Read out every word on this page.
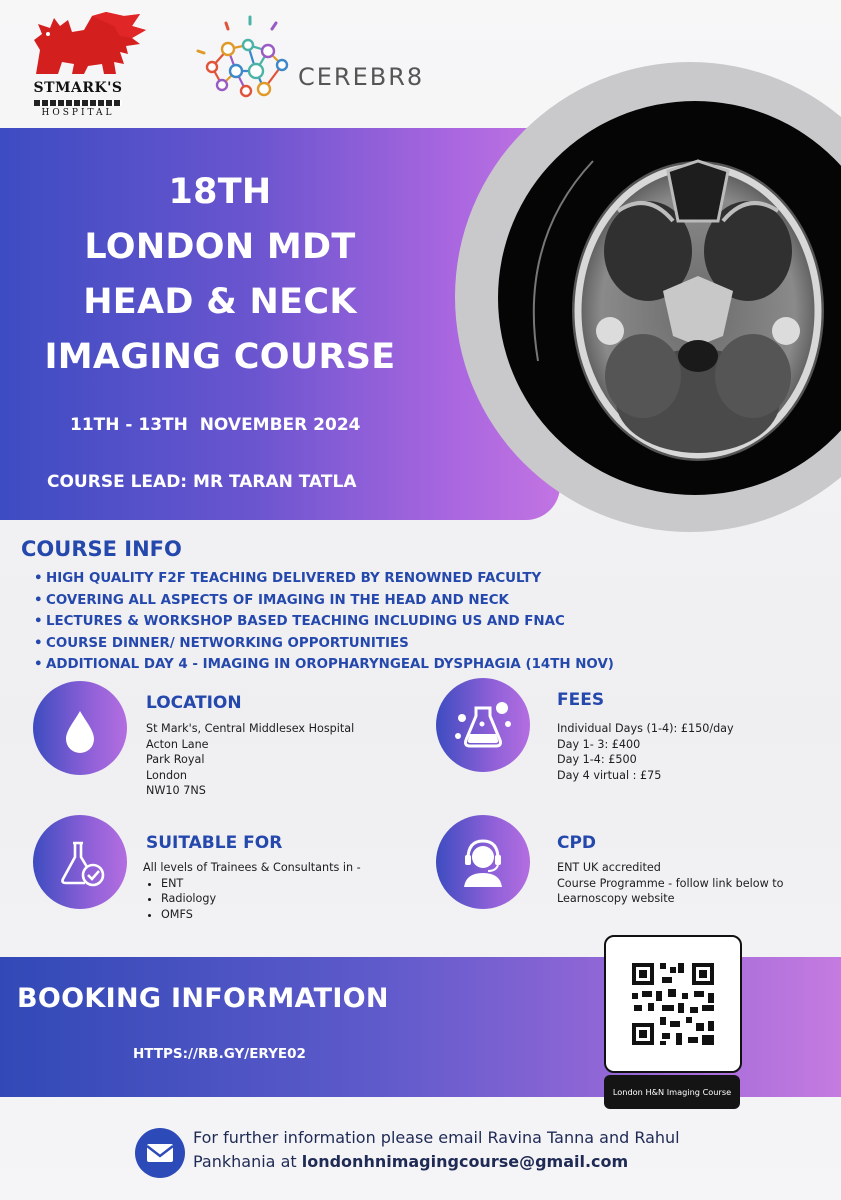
STMARK'S
HOSPITAL
CEREBR8
18TH
LONDON MDT
HEAD & NECK
IMAGING COURSE
11TH - 13TH  NOVEMBER 2024
COURSE LEAD: MR TARAN TATLA
COURSE INFO
• HIGH QUALITY F2F TEACHING DELIVERED BY RENOWNED FACULTY
• COVERING ALL ASPECTS OF IMAGING IN THE HEAD AND NECK
• LECTURES & WORKSHOP BASED TEACHING INCLUDING US AND FNAC
• COURSE DINNER/ NETWORKING OPPORTUNITIES
• ADDITIONAL DAY 4 - IMAGING IN OROPHARYNGEAL DYSPHAGIA (14TH NOV)
LOCATION
St Mark's, Central Middlesex Hospital
Acton Lane
Park Royal
London
NW10 7NS
FEES
Individual Days (1-4): £150/day
Day 1- 3: £400
Day 1-4: £500
Day 4 virtual : £75
SUITABLE FOR
All levels of Trainees & Consultants in -
• ENT
• Radiology
• OMFS
CPD
ENT UK accredited
Course Programme - follow link below to
Learnoscopy website
BOOKING INFORMATION
HTTPS://RB.GY/ERYE02
London H&N Imaging Course
For further information please email Ravina Tanna and Rahul
Pankhania at londonhnimagingcourse@gmail.com
